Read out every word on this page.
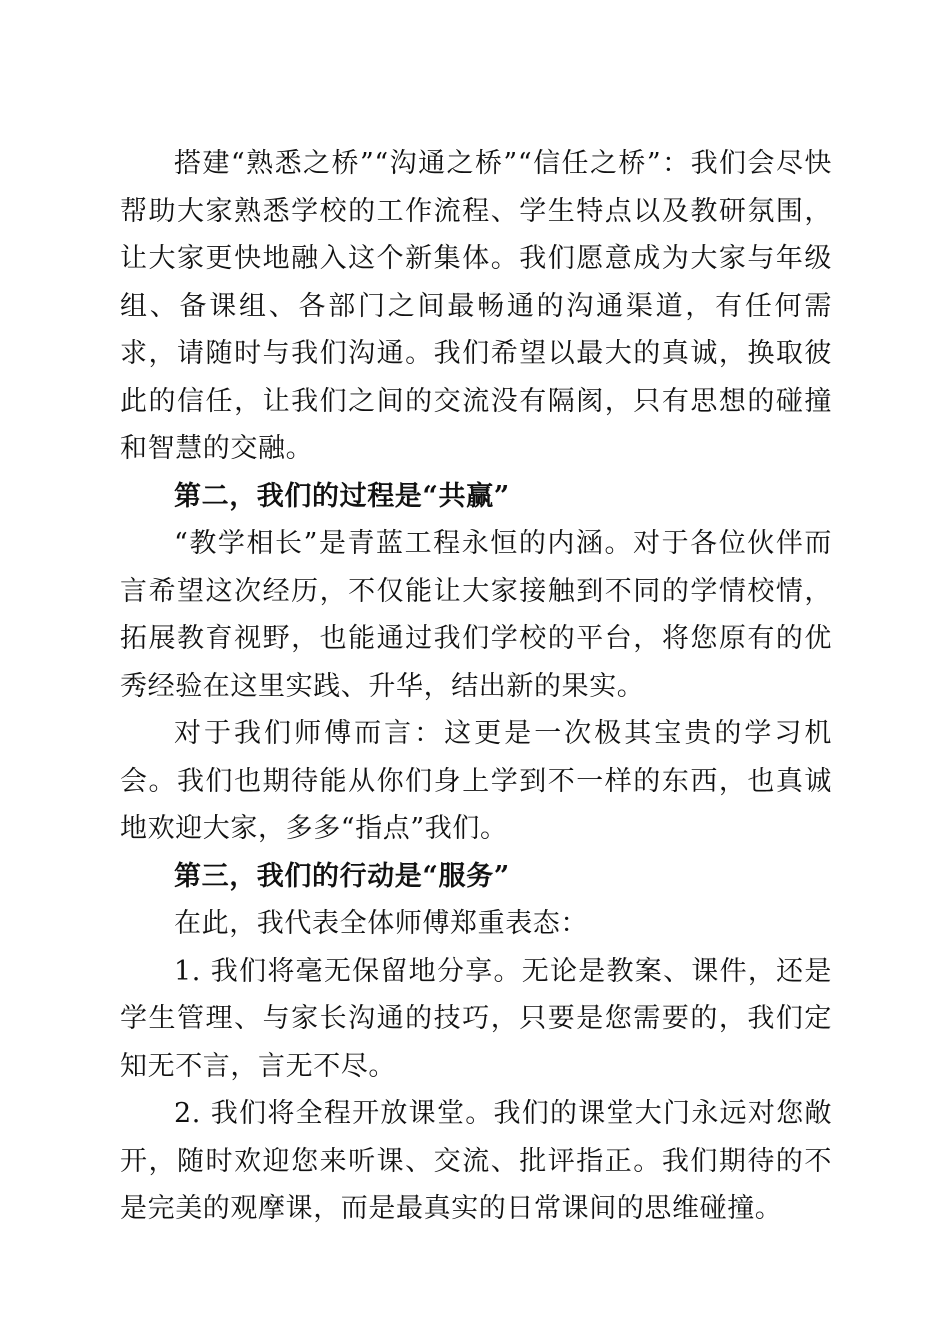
搭建“熟悉之桥”“沟通之桥”“信任之桥”：我们会尽快帮助大家熟悉学校的工作流程、学生特点以及教研氛围，让大家更快地融入这个新集体。我们愿意成为大家与年级组、备课组、各部门之间最畅通的沟通渠道，有任何需求，请随时与我们沟通。我们希望以最大的真诚，换取彼此的信任，让我们之间的交流没有隔阂，只有思想的碰撞和智慧的交融。

第二，我们的过程是“共赢”

“教学相长”是青蓝工程永恒的内涵。对于各位伙伴而言希望这次经历，不仅能让大家接触到不同的学情校情，拓展教育视野，也能通过我们学校的平台，将您原有的优秀经验在这里实践、升华，结出新的果实。

对于我们师傅而言：这更是一次极其宝贵的学习机会。我们也期待能从你们身上学到不一样的东西，也真诚地欢迎大家，多多“指点”我们。

第三，我们的行动是“服务”

在此，我代表全体师傅郑重表态：

1. 我们将毫无保留地分享。无论是教案、课件，还是学生管理、与家长沟通的技巧，只要是您需要的，我们定知无不言，言无不尽。

2. 我们将全程开放课堂。我们的课堂大门永远对您敞开，随时欢迎您来听课、交流、批评指正。我们期待的不是完美的观摩课，而是最真实的日常课间的思维碰撞。
